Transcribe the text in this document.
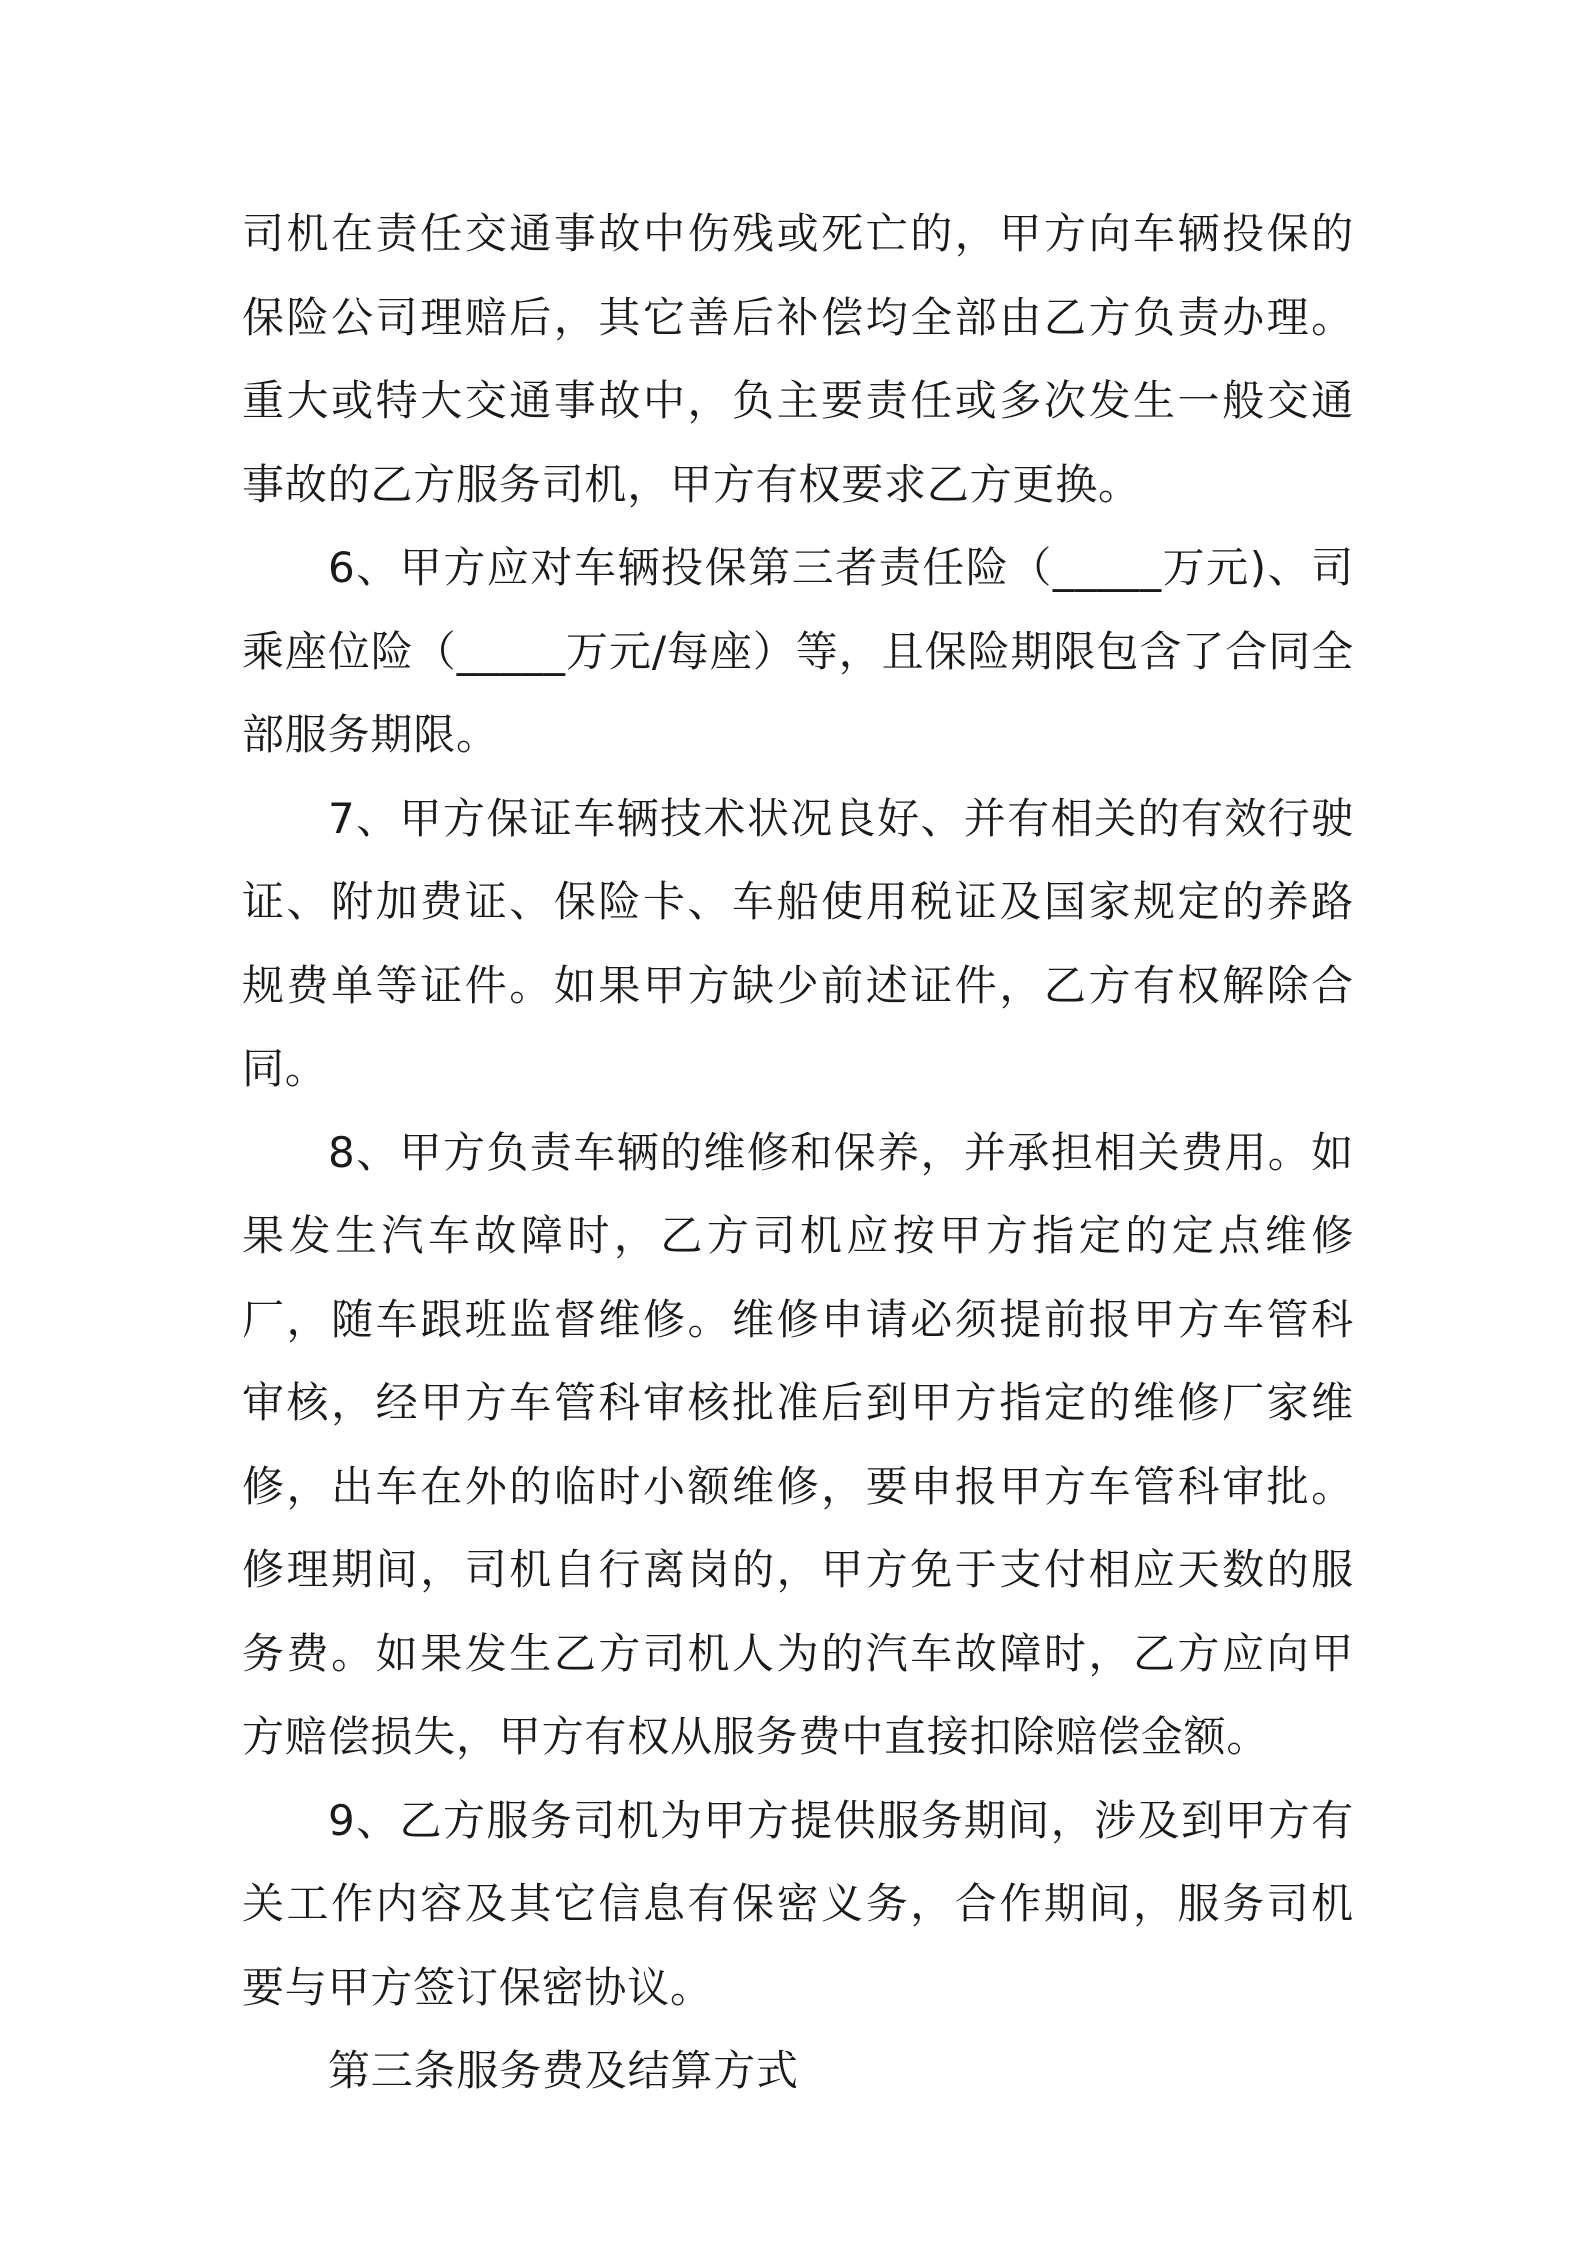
司机在责任交通事故中伤残或死亡的，甲方向车辆投保的保险公司理赔后，其它善后补偿均全部由乙方负责办理。重大或特大交通事故中，负主要责任或多次发生一般交通事故的乙方服务司机，甲方有权要求乙方更换。

6、甲方应对车辆投保第三者责任险（_____万元)、司乘座位险（_____万元/每座）等，且保险期限包含了合同全部服务期限。

7、甲方保证车辆技术状况良好、并有相关的有效行驶证、附加费证、保险卡、车船使用税证及国家规定的养路规费单等证件。如果甲方缺少前述证件，乙方有权解除合同。

8、甲方负责车辆的维修和保养，并承担相关费用。如果发生汽车故障时，乙方司机应按甲方指定的定点维修厂，随车跟班监督维修。维修申请必须提前报甲方车管科审核，经甲方车管科审核批准后到甲方指定的维修厂家维修，出车在外的临时小额维修，要申报甲方车管科审批。修理期间，司机自行离岗的，甲方免于支付相应天数的服务费。如果发生乙方司机人为的汽车故障时，乙方应向甲方赔偿损失，甲方有权从服务费中直接扣除赔偿金额。

9、乙方服务司机为甲方提供服务期间，涉及到甲方有关工作内容及其它信息有保密义务，合作期间，服务司机要与甲方签订保密协议。

第三条服务费及结算方式
